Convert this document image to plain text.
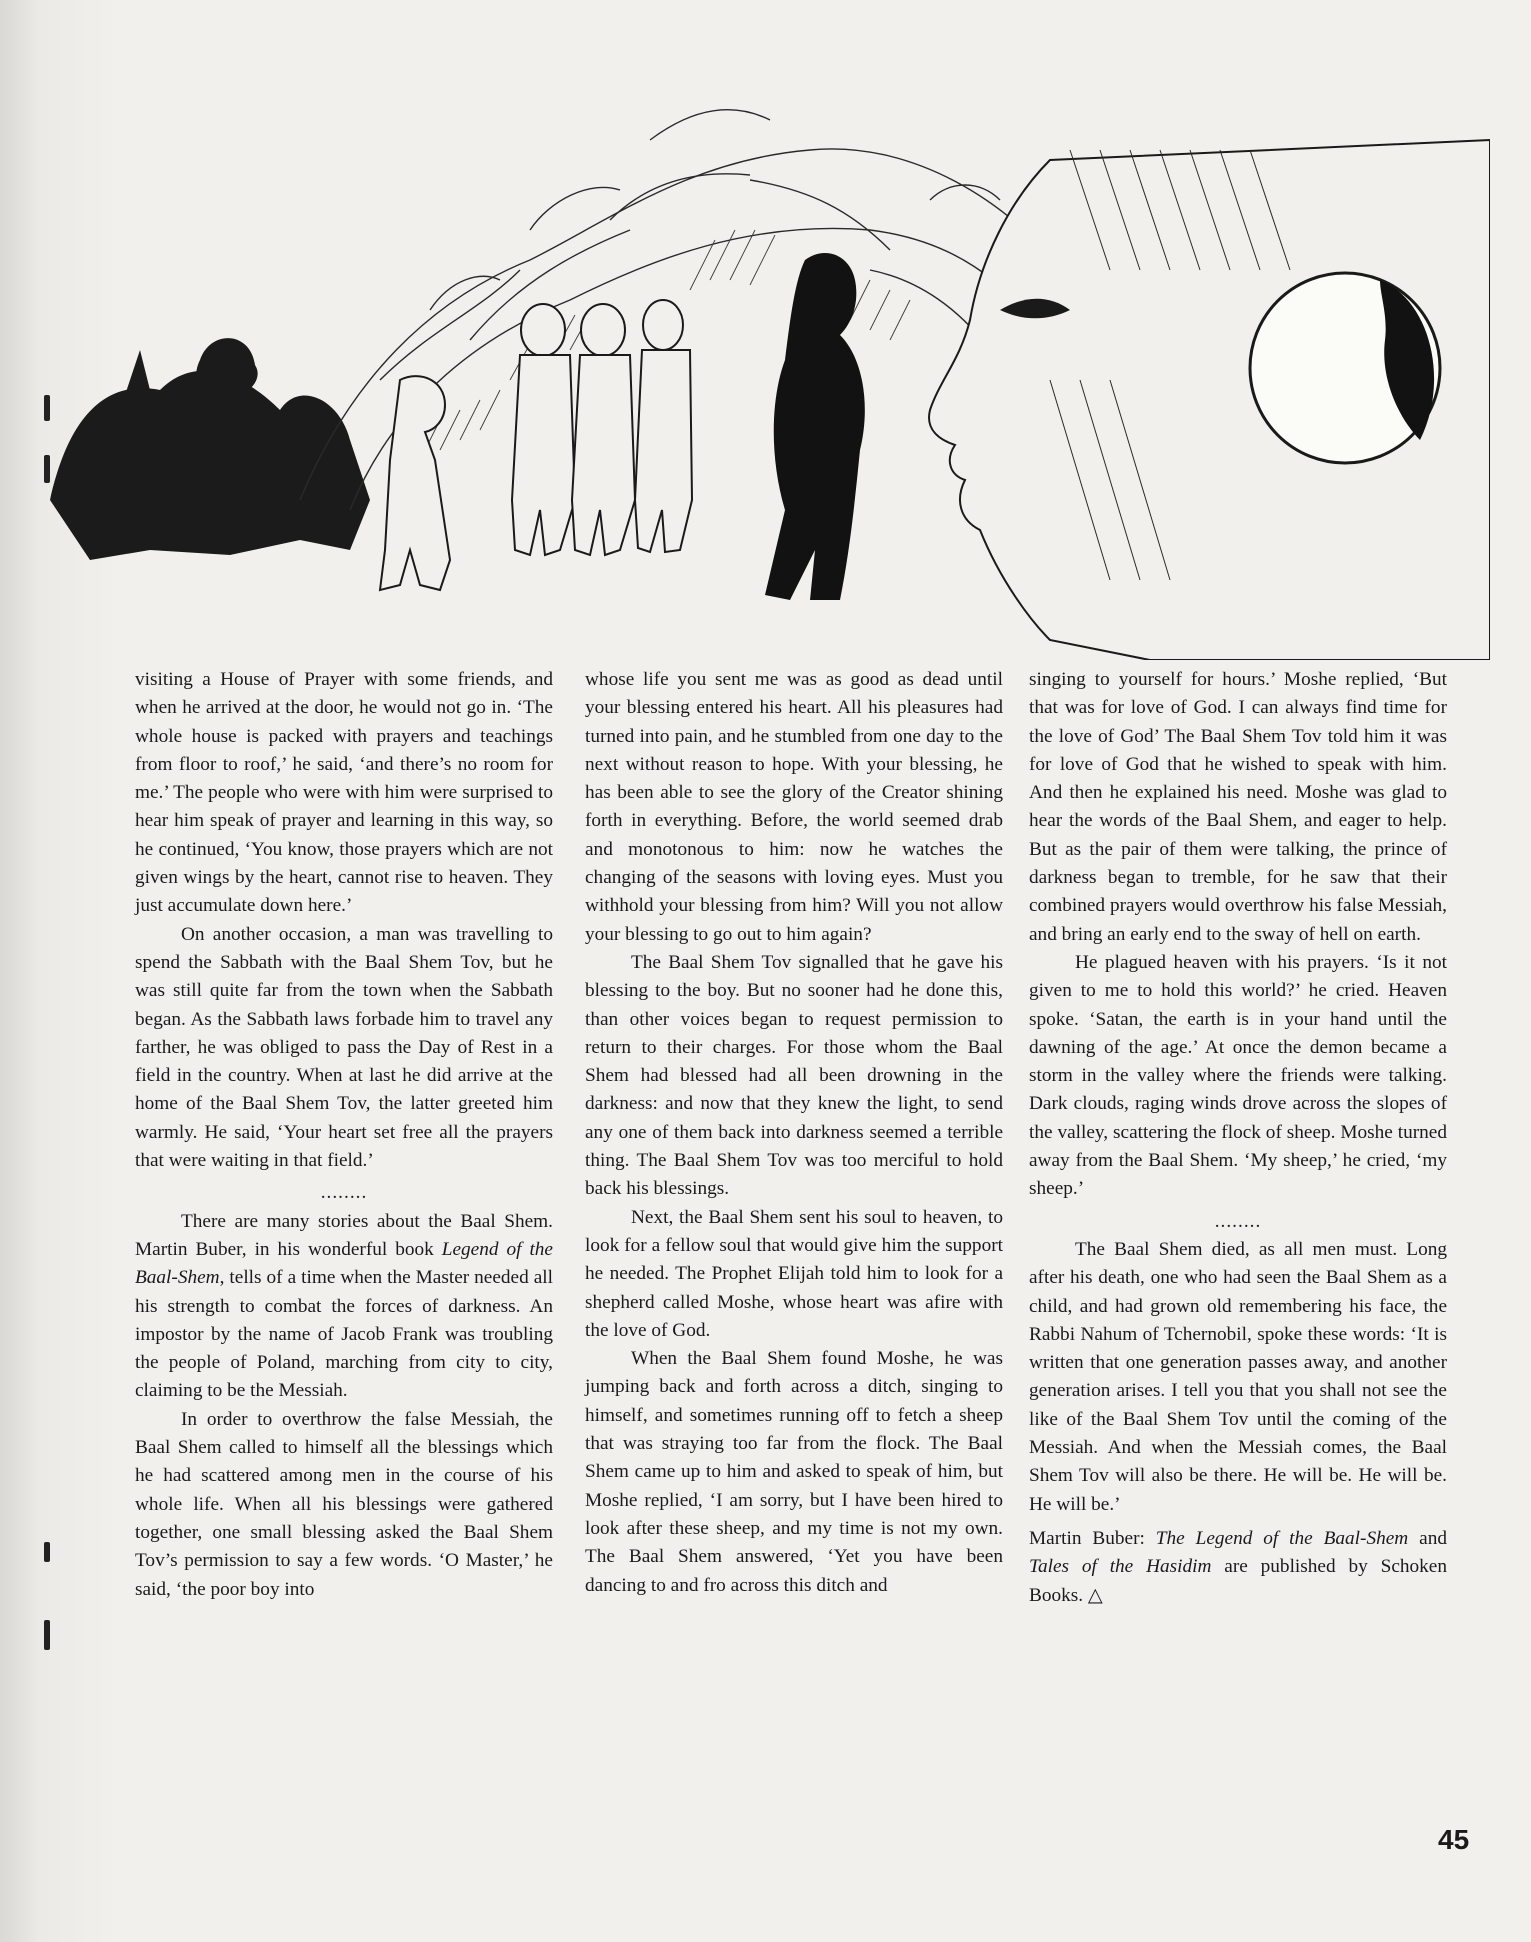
visiting a House of Prayer with some friends, and when he arrived at the door, he would not go in. ‘The whole house is packed with prayers and teachings from floor to roof,’ he said, ‘and there’s no room for me.’ The people who were with him were surprised to hear him speak of prayer and learning in this way, so he continued, ‘You know, those prayers which are not given wings by the heart, cannot rise to heaven. They just accumulate down here.’

On another occasion, a man was travelling to spend the Sabbath with the Baal Shem Tov, but he was still quite far from the town when the Sabbath began. As the Sabbath laws forbade him to travel any farther, he was obliged to pass the Day of Rest in a field in the country. When at last he did arrive at the home of the Baal Shem Tov, the latter greeted him warmly. He said, ‘Your heart set free all the prayers that were waiting in that field.’

........

There are many stories about the Baal Shem. Martin Buber, in his wonderful book Legend of the Baal-Shem, tells of a time when the Master needed all his strength to combat the forces of darkness. An impostor by the name of Jacob Frank was troubling the people of Poland, marching from city to city, claiming to be the Messiah.

In order to overthrow the false Messiah, the Baal Shem called to himself all the blessings which he had scattered among men in the course of his whole life. When all his blessings were gathered together, one small blessing asked the Baal Shem Tov’s permission to say a few words. ‘O Master,’ he said, ‘the poor boy into

whose life you sent me was as good as dead until your blessing entered his heart. All his pleasures had turned into pain, and he stumbled from one day to the next without reason to hope. With your blessing, he has been able to see the glory of the Creator shining forth in everything. Before, the world seemed drab and monotonous to him: now he watches the changing of the seasons with loving eyes. Must you withhold your blessing from him? Will you not allow your blessing to go out to him again?

The Baal Shem Tov signalled that he gave his blessing to the boy. But no sooner had he done this, than other voices began to request permission to return to their charges. For those whom the Baal Shem had blessed had all been drowning in the darkness: and now that they knew the light, to send any one of them back into darkness seemed a terrible thing. The Baal Shem Tov was too merciful to hold back his blessings.

Next, the Baal Shem sent his soul to heaven, to look for a fellow soul that would give him the support he needed. The Prophet Elijah told him to look for a shepherd called Moshe, whose heart was afire with the love of God.

When the Baal Shem found Moshe, he was jumping back and forth across a ditch, singing to himself, and sometimes running off to fetch a sheep that was straying too far from the flock. The Baal Shem came up to him and asked to speak of him, but Moshe replied, ‘I am sorry, but I have been hired to look after these sheep, and my time is not my own. The Baal Shem answered, ‘Yet you have been dancing to and fro across this ditch and

singing to yourself for hours.’ Moshe replied, ‘But that was for love of God. I can always find time for the love of God’ The Baal Shem Tov told him it was for love of God that he wished to speak with him. And then he explained his need. Moshe was glad to hear the words of the Baal Shem, and eager to help. But as the pair of them were talking, the prince of darkness began to tremble, for he saw that their combined prayers would overthrow his false Messiah, and bring an early end to the sway of hell on earth.

He plagued heaven with his prayers. ‘Is it not given to me to hold this world?’ he cried. Heaven spoke. ‘Satan, the earth is in your hand until the dawning of the age.’ At once the demon became a storm in the valley where the friends were talking. Dark clouds, raging winds drove across the slopes of the valley, scattering the flock of sheep. Moshe turned away from the Baal Shem. ‘My sheep,’ he cried, ‘my sheep.’

........

The Baal Shem died, as all men must. Long after his death, one who had seen the Baal Shem as a child, and had grown old remembering his face, the Rabbi Nahum of Tchernobil, spoke these words: ‘It is written that one generation passes away, and another generation arises. I tell you that you shall not see the like of the Baal Shem Tov until the coming of the Messiah. And when the Messiah comes, the Baal Shem Tov will also be there. He will be. He will be. He will be.’

Martin Buber: The Legend of the Baal-Shem and Tales of the Hasidim are published by Schoken Books. △

45
